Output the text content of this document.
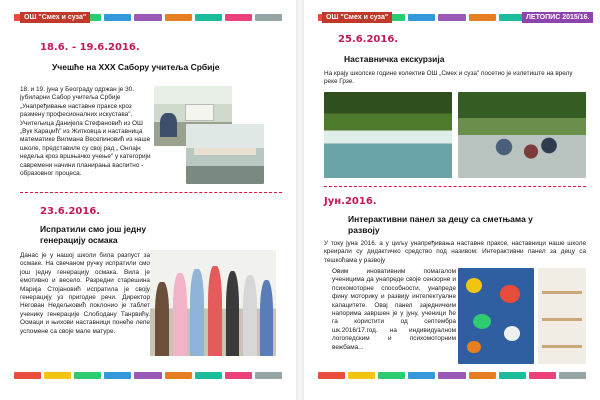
ОШ "Смех и суза"
18.6. - 19.6.2016.
Учешће на XXX Сабору учитеља Србије
18. и 19. јуна у Београду одржан је 30. јубиларни Сабор учитеља Србије „Унапређивање наставне праксе кроз размену професионалних искустава". Учитељица Данијела Стефановић из ОШ „Вук Караџић" из Житковца и наставница математике Вилмана Веселиновић из наше школе, представиле су свој рад „ Онлајн недеља кроз вршњачко учење" у категорији савремени начини планирања васпитно - образовног процеса.
23.6.2016.
Испратили смо још једну генерацију осмака
Данас је у нашој школи била разпуст за осмаке. На свечаном ручку испратили смо још једну генерацију осмака. Вила је емотивно и весело. Разредни старешина Марија Стојановић испратила је своју генерацију уз пригодне речи. Директор Негован Недељковић поклонио је таблет ученику генерације Слободану Танрвићу. Осмаци и њихови наставници понеће лепе успомене са своје мале матуре.
ОШ "Смех и суза"	ЛЕТОПИС 2015/16.
25.6.2016.
Наставничка екскурзија
На крају школске године колектив ОШ „Смех и суза" посетио је излетиште на врелу реке Грзе.
Јун.2016.
Интерактивни панел за децу са сметњама у развоју
У току јуна 2016. а у циљу унапређивања наставне праксе, наставници наше школе креирали су дидактичко средство под називом: Интерактивни панел за децу са тешкоћама у развоју
Овим иновативним помагалом ученицима да унапреде своје сензорне и психомоторне способности, унапреде фину моторику и развију интелектуалне капацитете. Овај панел заједничким напорима завршен је у јуну, ученици ће га користити од септембра шк.2016/17.год. на индивидуалном логопедским и психомоторним вежбама...
